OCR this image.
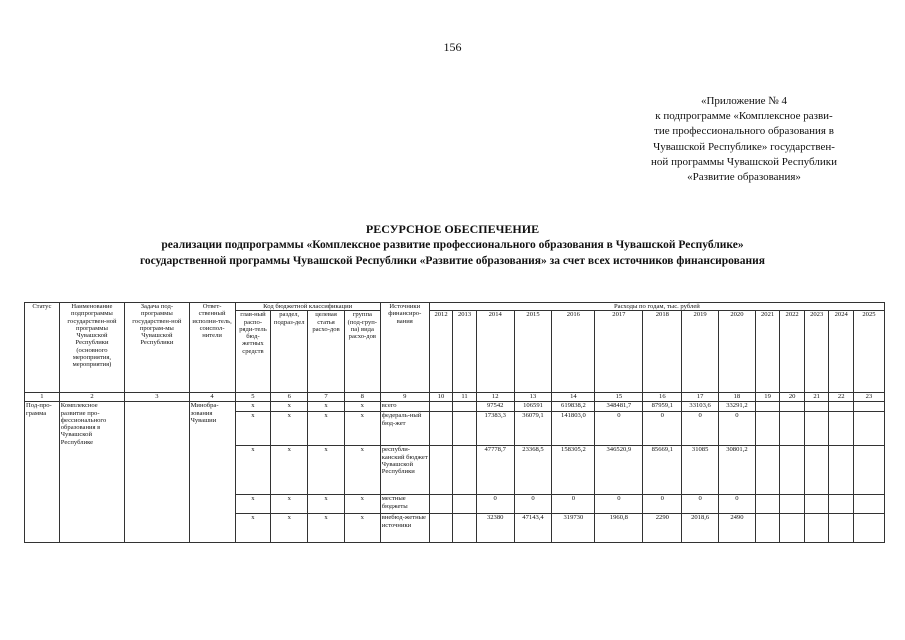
156
«Приложение № 4
к подпрограмме «Комплексное разви-
тие профессионального образования в
Чувашской Республике» государствен-
ной программы Чувашской Республики
«Развитие образования»
РЕСУРСНОЕ ОБЕСПЕЧЕНИЕ
реализации подпрограммы «Комплексное развитие профессионального образования в Чувашской Республике»
государственной программы Чувашской Республики «Развитие образования» за счет всех источников финансирования
Статус	Наименование подпрограммы государствен-ной программы Чувашской Республики (основного мероприятия, мероприятия)	Задача под-программы государствен-ной програм-мы Чувашской Республики	Ответ-ственный исполни-тель, соиспол-нители	Код бюджетной классификации				Источники финансиро-вания	Расходы по годам, тыс. рублей													
				глав-ный распо-ряди-тель бюд-жетных средств	раздел, подраз-дел	целевая статья расхо-дов	группа (под-груп-па) вида расхо-дов		2012	2013	2014	2015	2016	2017	2018	2019	2020	2021	2022	2023	2024	2025
1	2	3	4	5	6	7	8	9	10	11	12	13	14	15	16	17	18	19	20	21	22	23
Под-про-грамма	Комплексное развитие про-фессионального образования в Чувашской Республике		Минобра-зования Чувашии	x	x	x	x	всего			97542	106591	619838,2	348481,7	87959,1	33103,6	33291,2					
				x	x	x	x	федераль-ный бюд-жет			17383,3	36079,1	141803,0	0	0	0	0					
				x	x	x	x	республи-канский бюджет Чувашской Республики			47778,7	23368,5	158305,2	346520,9	85669,1	31085	30801,2					
				x	x	x	x	местные бюджеты			0	0	0	0	0	0	0					
				x	x	x	x	внебюд-жетные источники			32380	47143,4	319730	1960,8	2290	2018,6	2490					
